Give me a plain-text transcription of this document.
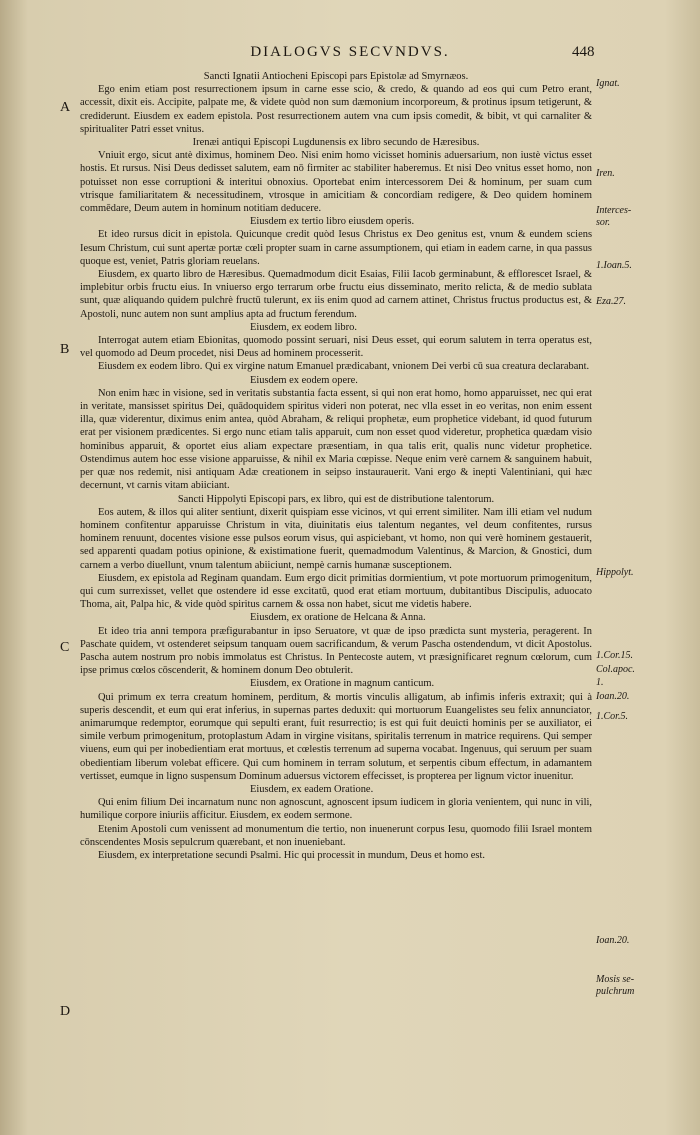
DIALOGVS SECVNDVS.	448

Sancti Ignatii Antiocheni Episcopi pars Epistolæ ad Smyrnæos.

Ego enim etiam post resurrectionem ipsum in carne esse scio, & credo, & quando ad eos qui cum Petro erant, accessit, dixit eis. Accipite, palpate me, & videte quòd non sum dæmonium incorporeum, & protinus ipsum tetigerunt, & crediderunt. Eiusdem ex eadem epistola. Post resurrectionem autem vna cum ipsis comedit, & bibit, vt qui carnaliter & spiritualiter Patri esset vnitus.

Irenæi antiqui Episcopi Lugdunensis ex libro secundo de Hæresibus.

Vniuit ergo, sicut antè diximus, hominem Deo. Nisi enim homo vicisset hominis aduersarium, non iustè victus esset hostis. Et rursus. Nisi Deus dedisset salutem, eam nō firmiter ac stabiliter haberemus. Et nisi Deo vnitus esset homo, non potuisset non esse corruptioni & interitui obnoxius. Oportebat enim intercessorem Dei & hominum, per suam cum vtrisque familiaritatem & necessitudinem, vtrosque in amicitiam & concordiam redigere, & Deo quidem hominem commēdare, Deum autem in hominum notitiam deducere.

Eiusdem ex tertio libro eiusdem operis.

Et ideo rursus dicit in epistola. Quicunque credit quòd Iesus Christus ex Deo genitus est, vnum & eundem sciens Iesum Christum, cui sunt apertæ portæ cœli propter suam in carne assumptionem, qui etiam in eadem carne, in qua passus quoque est, veniet, Patris gloriam reuelans.

Eiusdem, ex quarto libro de Hæresibus. Quemadmodum dicit Esaias, Filii Iacob germinabunt, & efflorescet Israel, & implebitur orbis fructu eius. In vniuerso ergo terrarum orbe fructu eius disseminato, merito relicta, & de medio sublata sunt, quæ aliquando quidem pulchrè fructū tulerunt, ex iis enim quod ad carnem attinet, Christus fructus productus est, & Apostoli, nunc autem non sunt amplius apta ad fructum ferendum.

Eiusdem, ex eodem libro.

Interrogat autem etiam Ebionitas, quomodo possint seruari, nisi Deus esset, qui eorum salutem in terra operatus est, vel quomodo ad Deum procedet, nisi Deus ad hominem processerit.

Eiusdem ex eodem libro. Qui ex virgine natum Emanuel prædicabant, vnionem Dei verbi cū sua creatura declarabant.

Eiusdem ex eodem opere.

Non enim hæc in visione, sed in veritatis substantia facta essent, si qui non erat homo, homo apparuisset, nec qui erat in veritate, mansisset spiritus Dei, quādoquidem spiritus videri non poterat, nec vlla esset in eo veritas, non enim essent illa, quæ viderentur, diximus enim antea, quòd Abraham, & reliqui prophetæ, eum prophetice videbant, id quod futurum erat per visionem prædicentes. Si ergo nunc etiam talis apparuit, cum non esset quod videretur, prophetica quædam visio hominibus apparuit, & oportet eius aliam expectare præsentiam, in qua talis erit, qualis nunc videtur prophetice. Ostendimus autem hoc esse visione apparuisse, & nihil ex Maria cœpisse. Neque enim verè carnem & sanguinem habuit, per quæ nos redemit, nisi antiquam Adæ creationem in seipso instaurauerit. Vani ergo & inepti Valentiniani, qui hæc decernunt, vt carnis vitam abiiciant.

Sancti Hippolyti Episcopi pars, ex libro, qui est de distributione talentorum.

Eos autem, & illos qui aliter sentiunt, dixerit quispiam esse vicinos, vt qui errent similiter. Nam illi etiam vel nudum hominem confitentur apparuisse Christum in vita, diuinitatis eius talentum negantes, vel deum confitentes, rursus hominem renuunt, docentes visione esse pulsos eorum visus, qui aspiciebant, vt homo, non qui verè hominem gestauerit, sed apparenti quadam potius opinione, & existimatione fuerit, quemadmodum Valentinus, & Marcion, & Gnostici, dum carnem a verbo diuellunt, vnum talentum abiiciunt, nempè carnis humanæ susceptionem.

Eiusdem, ex epistola ad Reginam quandam. Eum ergo dicit primitias dormientium, vt pote mortuorum primogenitum, qui cum surrexisset, vellet que ostendere id esse excitatū, quod erat etiam mortuum, dubitantibus Discipulis, aduocato Thoma, ait, Palpa hic, & vide quòd spiritus carnem & ossa non habet, sicut me videtis habere.

Eiusdem, ex oratione de Helcana & Anna.

Et ideo tria anni tempora præfigurabantur in ipso Seruatore, vt quæ de ipso prædicta sunt mysteria, peragerent. In Paschate quidem, vt ostenderet seipsum tanquam ouem sacrificandum, & verum Pascha ostendendum, vt dicit Apostolus. Pascha autem nostrum pro nobis immolatus est Christus. In Pentecoste autem, vt præsignificaret regnum cœlorum, cum ipse primus cœlos cōscenderit, & hominem donum Deo obtulerit.

Eiusdem, ex Oratione in magnum canticum.

Qui primum ex terra creatum hominem, perditum, & mortis vinculis alligatum, ab infimis inferis extraxit; qui à superis descendit, et eum qui erat inferius, in supernas partes deduxit: qui mortuorum Euangelistes seu felix annunciator, animarumque redemptor, eorumque qui sepulti erant, fuit resurrectio; is est qui fuit deuicti hominis per se auxiliator, ei simile verbum primogenitum, protoplastum Adam in virgine visitans, spiritalis terrenum in matrice requirens. Qui semper viuens, eum qui per inobedientiam erat mortuus, et cœlestis terrenum ad superna vocabat. Ingenuus, qui seruum per suam obedientiam liberum volebat efficere. Qui cum hominem in terram solutum, et serpentis cibum effectum, in adamantem vertisset, eumque in ligno suspensum Dominum aduersus victorem effecisset, is propterea per lignum victor inuenitur.

Eiusdem, ex eadem Oratione.

Qui enim filium Dei incarnatum nunc non agnoscunt, agnoscent ipsum iudicem in gloria venientem, qui nunc in vili, humilique corpore iniuriis afficitur. Eiusdem, ex eodem sermone.

Etenim Apostoli cum venissent ad monumentum die tertio, non inuenerunt corpus Iesu, quomodo filii Israel montem cōnscendentes Mosis sepulcrum quærebant, et non inueniebant.

Eiusdem, ex interpretatione secundi Psalmi. Hic qui processit in mundum, Deus et homo est.

A
B
C
D
Ignat.
Iren.
Interces-
sor.
1.Ioan.5.
Eza.27.
Hippolyt.
1.Cor.15.
Col.apoc.
1.
Ioan.20.
1.Cor.5.
Ioan.20.
Mosis se-
pulchrum
